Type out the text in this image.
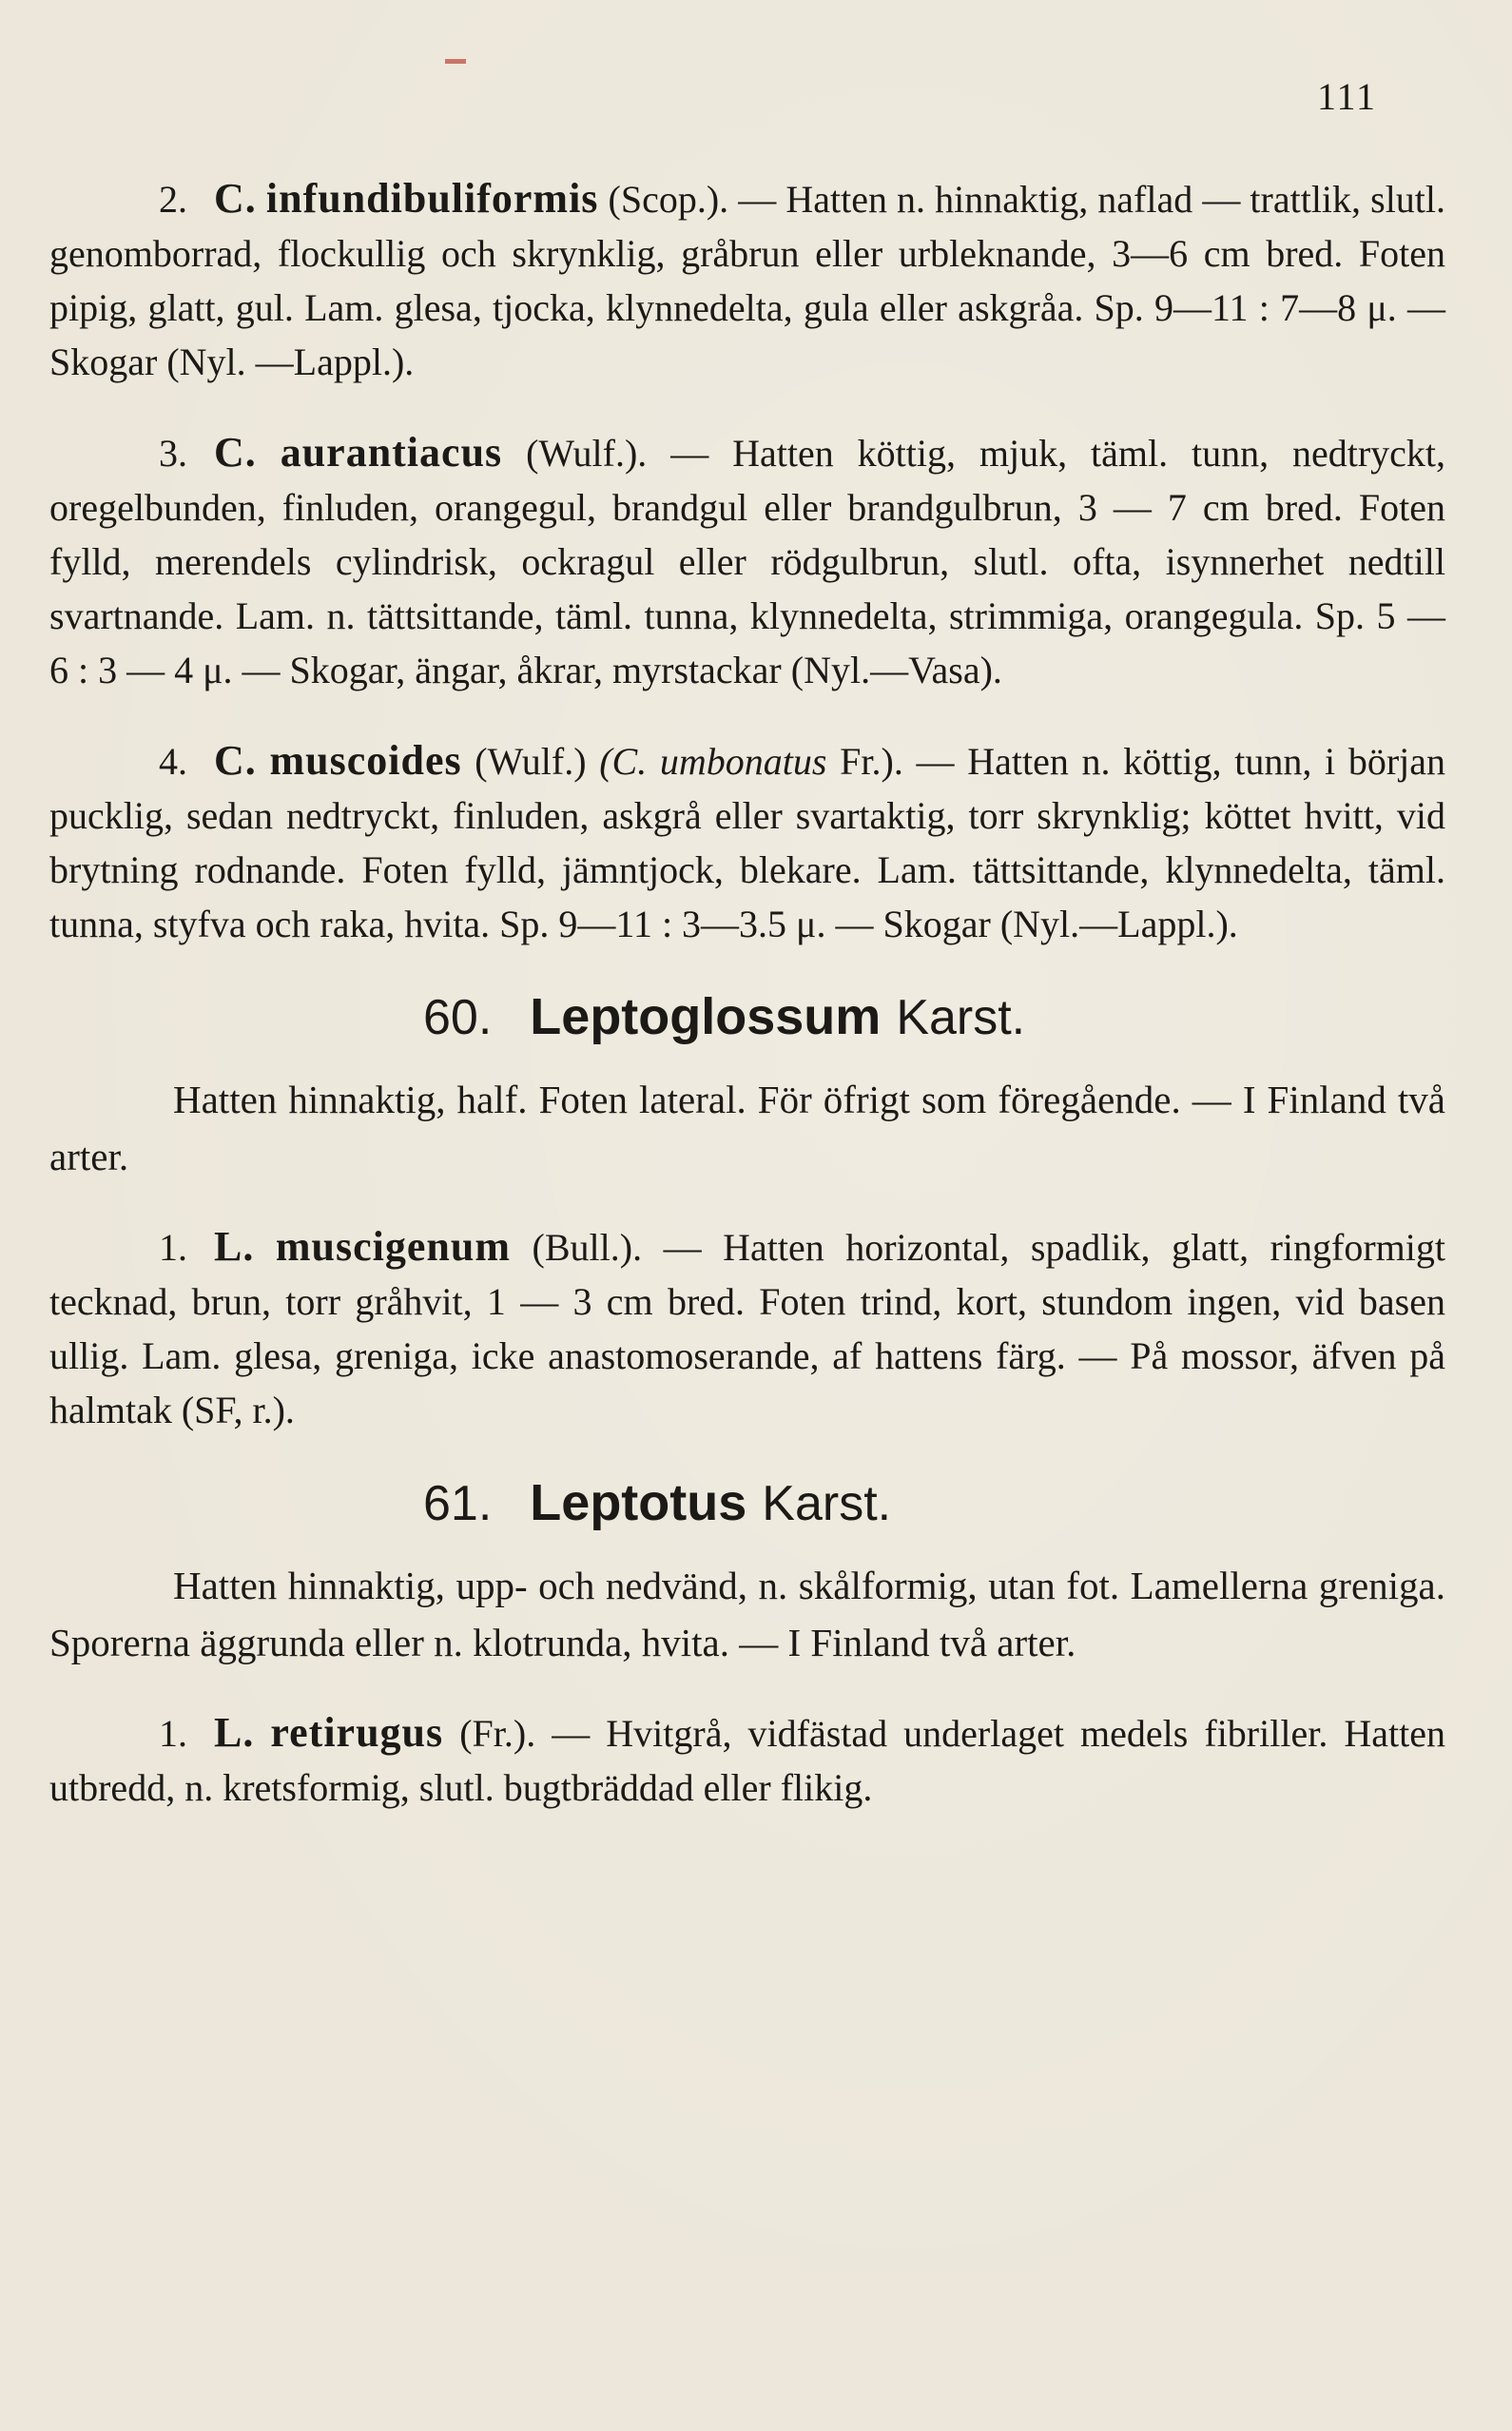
111

2. C. infundibuliformis (Scop.). — Hatten n. hinnaktig, naflad — trattlik, slutl. genomborrad, flockullig och skrynklig, gråbrun eller urbleknande, 3—6 cm bred. Foten pipig, glatt, gul. Lam. glesa, tjocka, klynnedelta, gula eller askgråa. Sp. 9—11 : 7—8 μ. — Skogar (Nyl. —Lappl.).

3. C. aurantiacus (Wulf.). — Hatten köttig, mjuk, täml. tunn, nedtryckt, oregelbunden, finluden, orangegul, brandgul eller brandgulbrun, 3 — 7 cm bred. Foten fylld, merendels cylindrisk, ockragul eller rödgulbrun, slutl. ofta, isynnerhet nedtill svartnande. Lam. n. tättsittande, täml. tunna, klynnedelta, strimmiga, orangegula. Sp. 5 — 6 : 3 — 4 μ. — Skogar, ängar, åkrar, myrstackar (Nyl.—Vasa).

4. C. muscoides (Wulf.) (C. umbonatus Fr.). — Hatten n. köttig, tunn, i början pucklig, sedan nedtryckt, finluden, askgrå eller svartaktig, torr skrynklig; köttet hvitt, vid brytning rodnande. Foten fylld, jämntjock, blekare. Lam. tättsittande, klynnedelta, täml. tunna, styfva och raka, hvita. Sp. 9—11 : 3—3.5 μ. — Skogar (Nyl.—Lappl.).

60. Leptoglossum Karst.

Hatten hinnaktig, half. Foten lateral. För öfrigt som föregående. — I Finland två arter.

1. L. muscigenum (Bull.). — Hatten horizontal, spadlik, glatt, ringformigt tecknad, brun, torr gråhvit, 1 — 3 cm bred. Foten trind, kort, stundom ingen, vid basen ullig. Lam. glesa, greniga, icke anastomoserande, af hattens färg. — På mossor, äfven på halmtak (SF, r.).

61. Leptotus Karst.

Hatten hinnaktig, upp- och nedvänd, n. skålformig, utan fot. Lamellerna greniga. Sporerna äggrunda eller n. klotrunda, hvita. — I Finland två arter.

1. L. retirugus (Fr.). — Hvitgrå, vidfästad underlaget medels fibriller. Hatten utbredd, n. kretsformig, slutl. bugtbräddad eller flikig.
